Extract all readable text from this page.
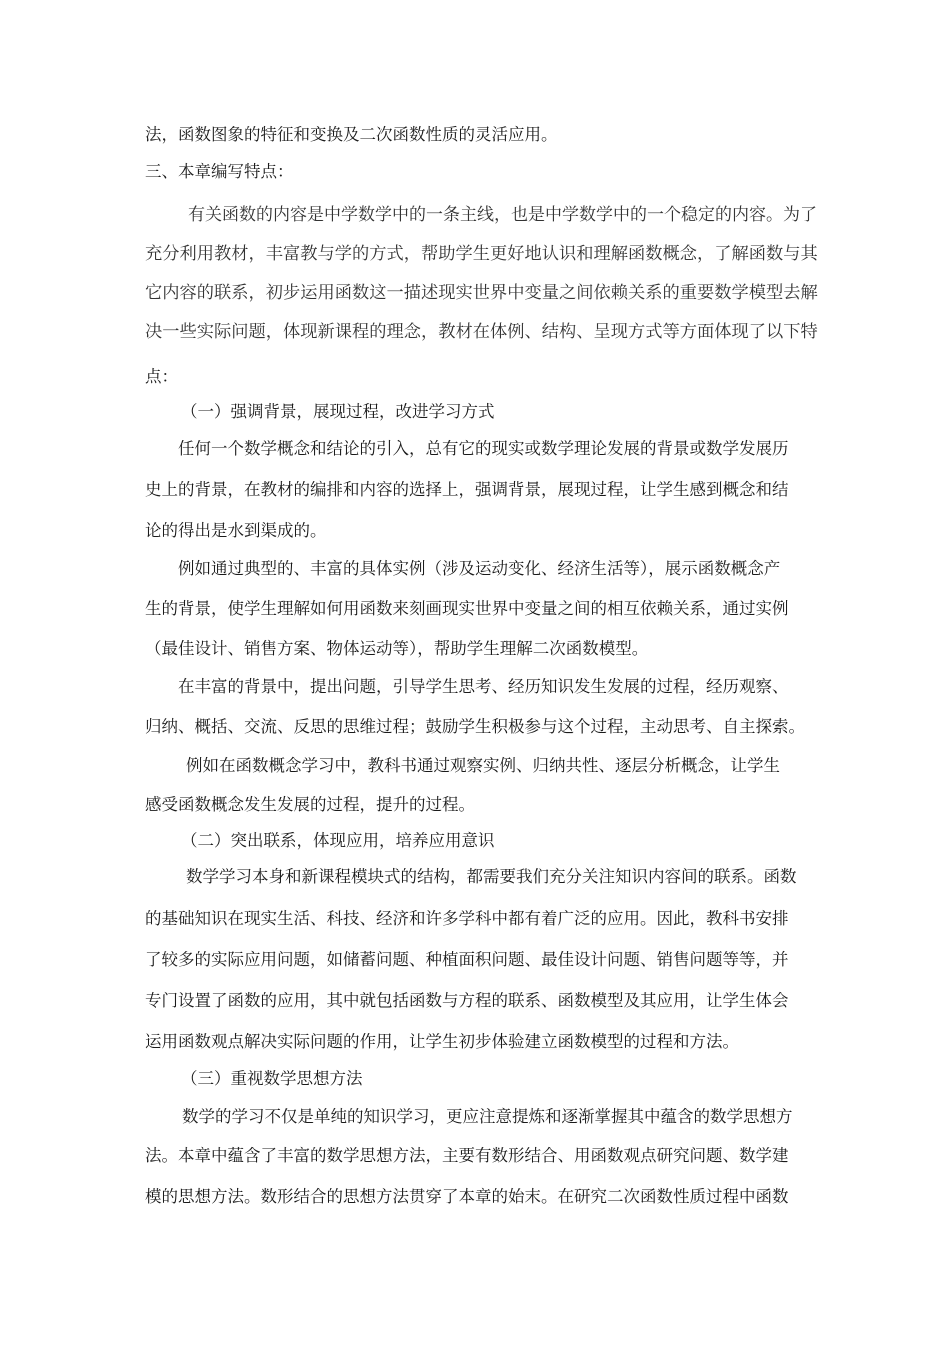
法，函数图象的特征和变换及二次函数性质的灵活应用。
三、本章编写特点：
有关函数的内容是中学数学中的一条主线，也是中学数学中的一个稳定的内容。为了
充分利用教材，丰富教与学的方式，帮助学生更好地认识和理解函数概念，了解函数与其
它内容的联系，初步运用函数这一描述现实世界中变量之间依赖关系的重要数学模型去解
决一些实际问题，体现新课程的理念，教材在体例、结构、呈现方式等方面体现了以下特
点：
（一）强调背景，展现过程，改进学习方式
任何一个数学概念和结论的引入，总有它的现实或数学理论发展的背景或数学发展历
史上的背景，在教材的编排和内容的选择上，强调背景，展现过程，让学生感到概念和结
论的得出是水到渠成的。
例如通过典型的、丰富的具体实例（涉及运动变化、经济生活等），展示函数概念产
生的背景，使学生理解如何用函数来刻画现实世界中变量之间的相互依赖关系，通过实例
（最佳设计、销售方案、物体运动等），帮助学生理解二次函数模型。
在丰富的背景中，提出问题，引导学生思考、经历知识发生发展的过程，经历观察、
归纳、概括、交流、反思的思维过程；鼓励学生积极参与这个过程，主动思考、自主探索。
例如在函数概念学习中，教科书通过观察实例、归纳共性、逐层分析概念，让学生
感受函数概念发生发展的过程，提升的过程。
（二）突出联系，体现应用，培养应用意识
数学学习本身和新课程模块式的结构，都需要我们充分关注知识内容间的联系。函数
的基础知识在现实生活、科技、经济和许多学科中都有着广泛的应用。因此，教科书安排
了较多的实际应用问题，如储蓄问题、种植面积问题、最佳设计问题、销售问题等等，并
专门设置了函数的应用，其中就包括函数与方程的联系、函数模型及其应用，让学生体会
运用函数观点解决实际问题的作用，让学生初步体验建立函数模型的过程和方法。
（三）重视数学思想方法
数学的学习不仅是单纯的知识学习，更应注意提炼和逐渐掌握其中蕴含的数学思想方
法。本章中蕴含了丰富的数学思想方法，主要有数形结合、用函数观点研究问题、数学建
模的思想方法。数形结合的思想方法贯穿了本章的始末。在研究二次函数性质过程中函数
